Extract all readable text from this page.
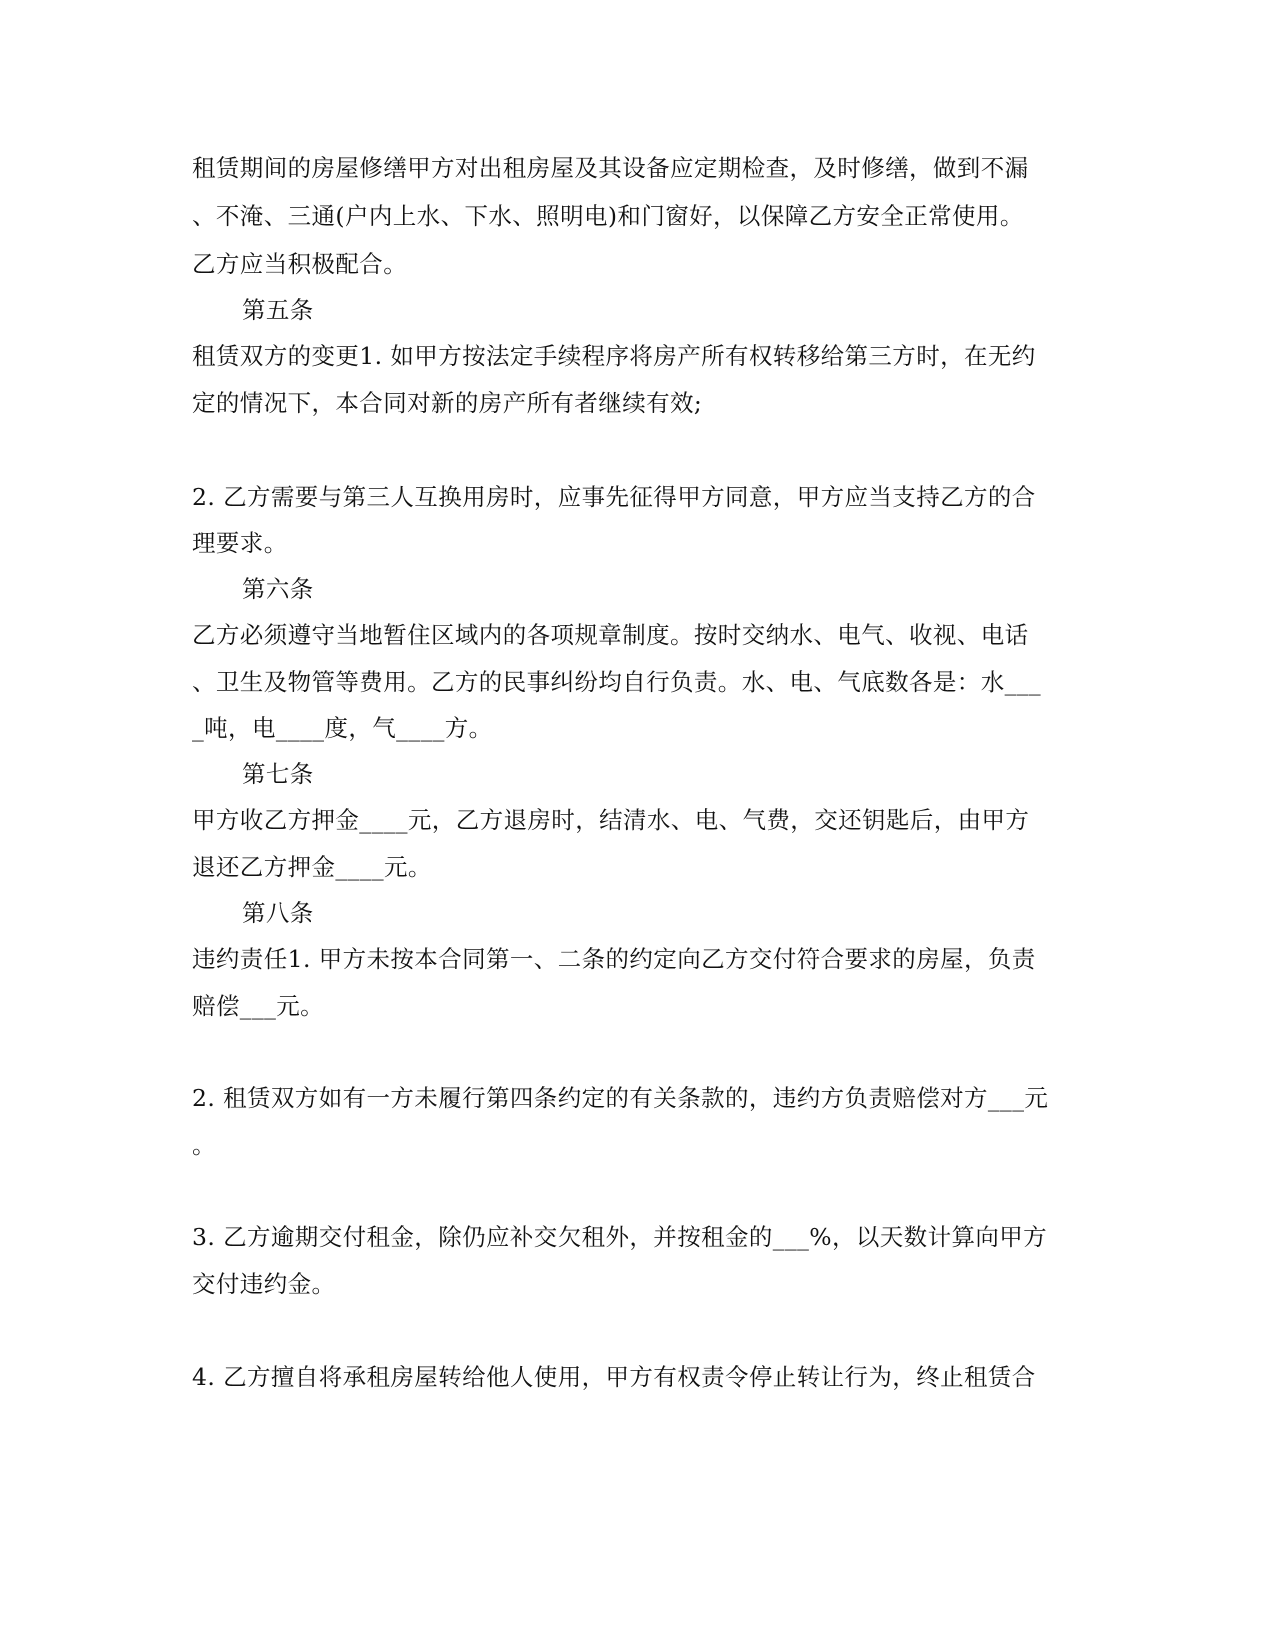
租赁期间的房屋修缮甲方对出租房屋及其设备应定期检查，及时修缮，做到不漏
、不淹、三通(户内上水、下水、照明电)和门窗好，以保障乙方安全正常使用。
乙方应当积极配合。
第五条
租赁双方的变更1. 如甲方按法定手续程序将房产所有权转移给第三方时，在无约
定的情况下，本合同对新的房产所有者继续有效;
2. 乙方需要与第三人互换用房时，应事先征得甲方同意，甲方应当支持乙方的合
理要求。
第六条
乙方必须遵守当地暂住区域内的各项规章制度。按时交纳水、电气、收视、电话
、卫生及物管等费用。乙方的民事纠纷均自行负责。水、电、气底数各是：水___
_吨，电____度，气____方。
第七条
甲方收乙方押金____元，乙方退房时，结清水、电、气费，交还钥匙后，由甲方
退还乙方押金____元。
第八条
违约责任1. 甲方未按本合同第一、二条的约定向乙方交付符合要求的房屋，负责
赔偿___元。
2. 租赁双方如有一方未履行第四条约定的有关条款的，违约方负责赔偿对方___元
。
3. 乙方逾期交付租金，除仍应补交欠租外，并按租金的___%，以天数计算向甲方
交付违约金。
4. 乙方擅自将承租房屋转给他人使用，甲方有权责令停止转让行为，终止租赁合
